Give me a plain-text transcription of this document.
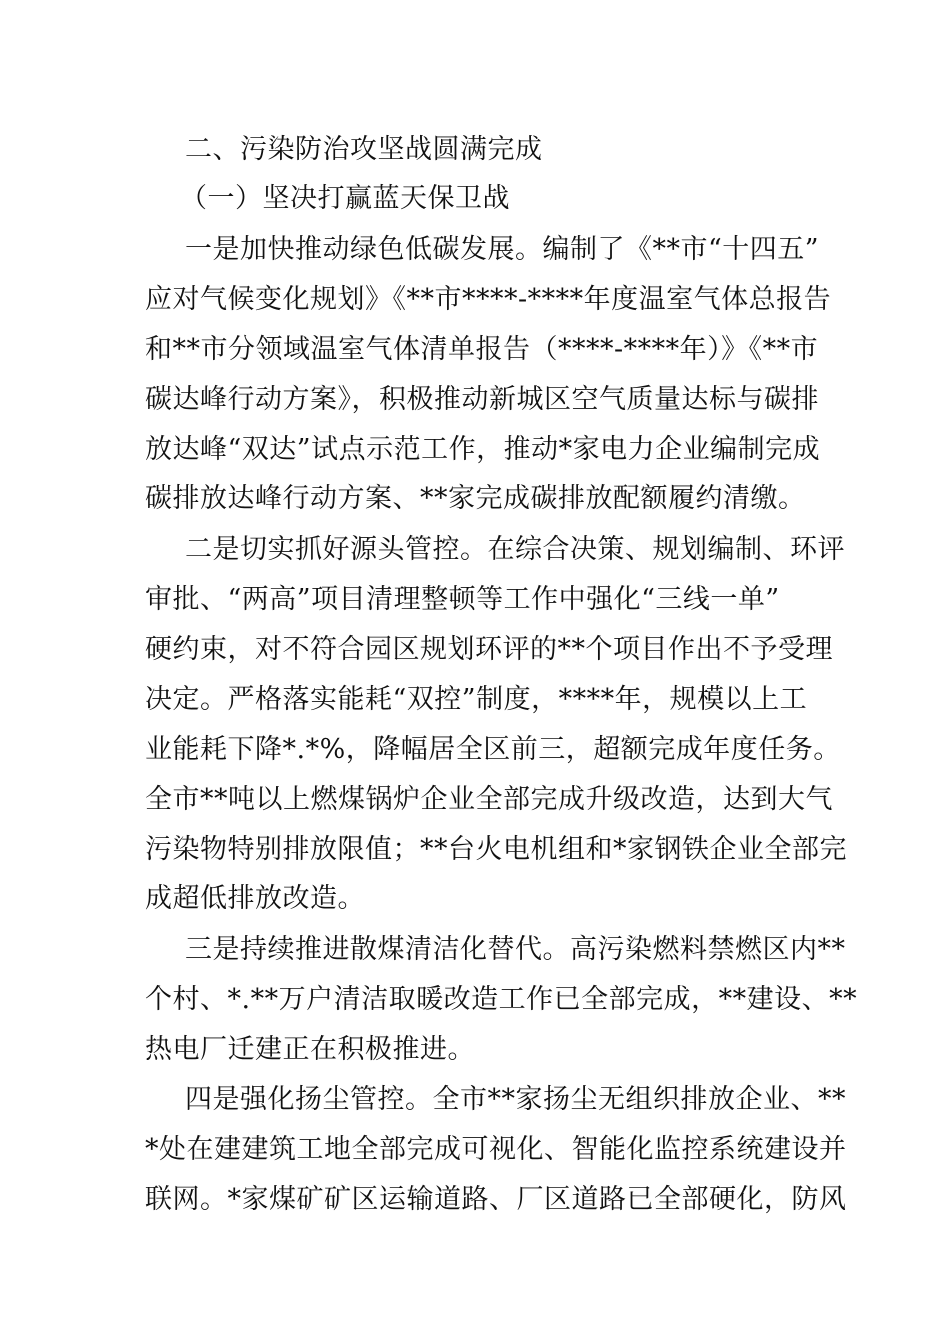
二、污染防治攻坚战圆满完成
（一）坚决打赢蓝天保卫战
一是加快推动绿色低碳发展。编制了《**市“十四五”
应对气候变化规划》《**市****-****年度温室气体总报告
和**市分领域温室气体清单报告（****-****年）》《**市
碳达峰行动方案》，积极推动新城区空气质量达标与碳排
放达峰“双达”试点示范工作，推动*家电力企业编制完成
碳排放达峰行动方案、**家完成碳排放配额履约清缴。
二是切实抓好源头管控。在综合决策、规划编制、环评
审批、“两高”项目清理整顿等工作中强化“三线一单”
硬约束，对不符合园区规划环评的**个项目作出不予受理
决定。严格落实能耗“双控”制度，****年，规模以上工
业能耗下降*.*%，降幅居全区前三，超额完成年度任务。
全市**吨以上燃煤锅炉企业全部完成升级改造，达到大气
污染物特别排放限值；**台火电机组和*家钢铁企业全部完
成超低排放改造。
三是持续推进散煤清洁化替代。高污染燃料禁燃区内**
个村、*.**万户清洁取暖改造工作已全部完成，**建设、**
热电厂迁建正在积极推进。
四是强化扬尘管控。全市**家扬尘无组织排放企业、**
*处在建建筑工地全部完成可视化、智能化监控系统建设并
联网。*家煤矿矿区运输道路、厂区道路已全部硬化，防风
